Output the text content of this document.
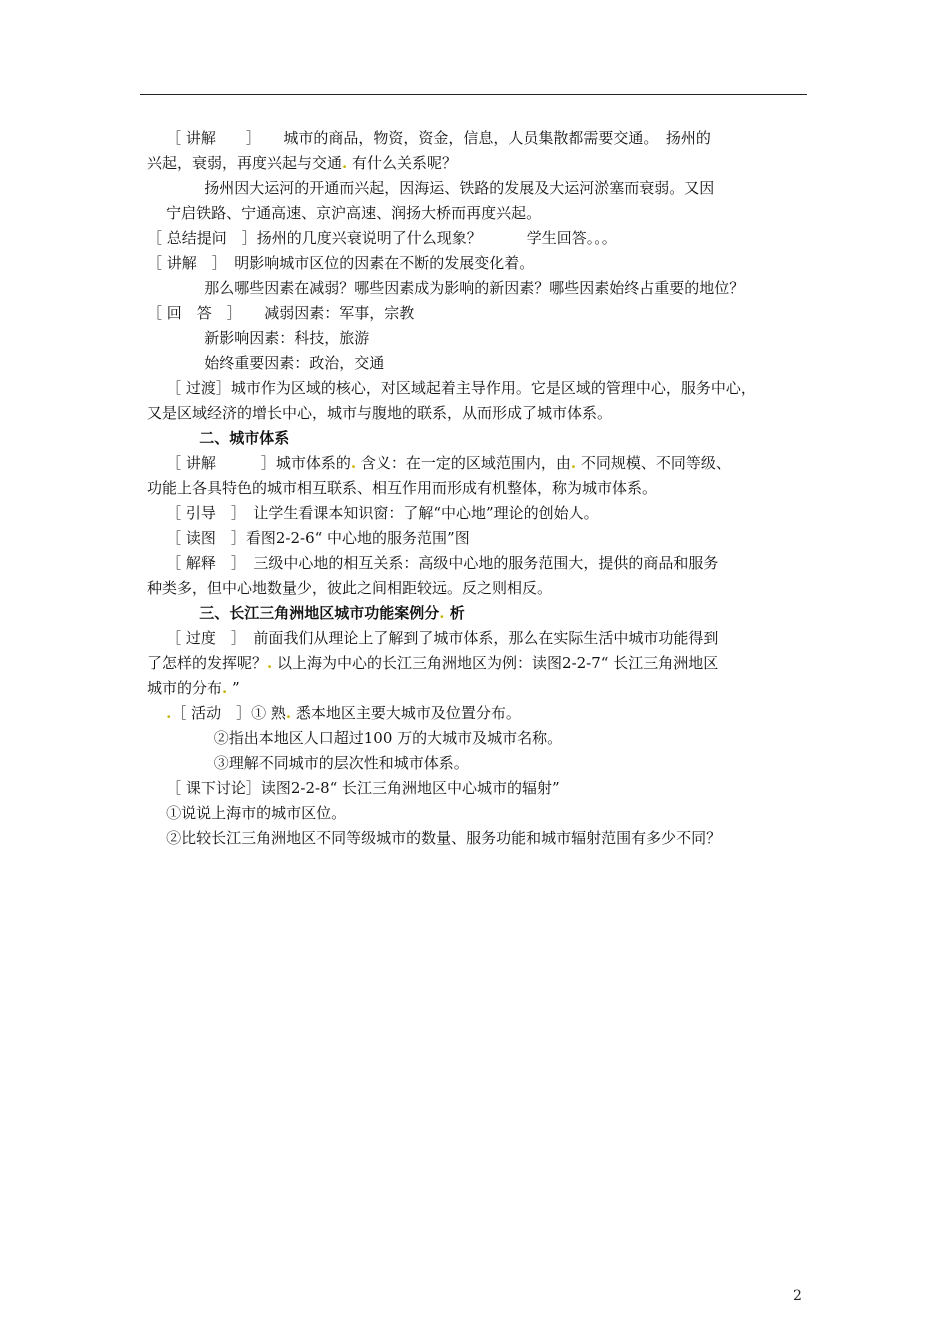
［ 讲解　　］　　城市的商品，物资，资金，信息，人员集散都需要交通。　扬州的
兴起，衰弱，再度兴起与交通. 有什么关系呢？
扬州因大运河的开通而兴起，因海运、铁路的发展及大运河淤塞而衰弱。又因
宁启铁路、宁通高速、京沪高速、润扬大桥而再度兴起。
［ 总结提问　］扬州的几度兴衰说明了什么现象？　　　学生回答。。。
［ 讲解　］　明影响城市区位的因素在不断的发展变化着。
那么哪些因素在减弱？哪些因素成为影响的新因素？哪些因素始终占重要的地位？
［ 回　答　］　　减弱因素：军事，宗教
新影响因素：科技，旅游
始终重要因素：政治，交通
［ 过渡］城市作为区域的核心，对区域起着主导作用。它是区域的管理中心，服务中心，
又是区域经济的增长中心，城市与腹地的联系，从而形成了城市体系。
二、城市体系
［ 讲解　　　］城市体系的. 含义：在一定的区域范围内，由. 不同规模、不同等级、
功能上各具特色的城市相互联系、相互作用而形成有机整体，称为城市体系。
［ 引导　］　让学生看课本知识窗：了解“中心地”理论的创始人。
［ 读图　］看图2-2-6“ 中心地的服务范围”图
［ 解释　］　三级中心地的相互关系：高级中心地的服务范围大，提供的商品和服务
种类多，但中心地数量少，彼此之间相距较远。反之则相反。
三、长江三角洲地区城市功能案例分. 析
［ 过度　］　前面我们从理论上了解到了城市体系，那么在实际生活中城市功能得到
了怎样的发挥呢？. 以上海为中心的长江三角洲地区为例：读图2-2-7“ 长江三角洲地区
城市的分布. ”
.［ 活动　］① 熟. 悉本地区主要大城市及位置分布。
②指出本地区人口超过100 万的大城市及城市名称。
③理解不同城市的层次性和城市体系。
［ 课下讨论］读图2-2-8“ 长江三角洲地区中心城市的辐射”
①说说上海市的城市区位。
②比较长江三角洲地区不同等级城市的数量、服务功能和城市辐射范围有多少不同？
2
